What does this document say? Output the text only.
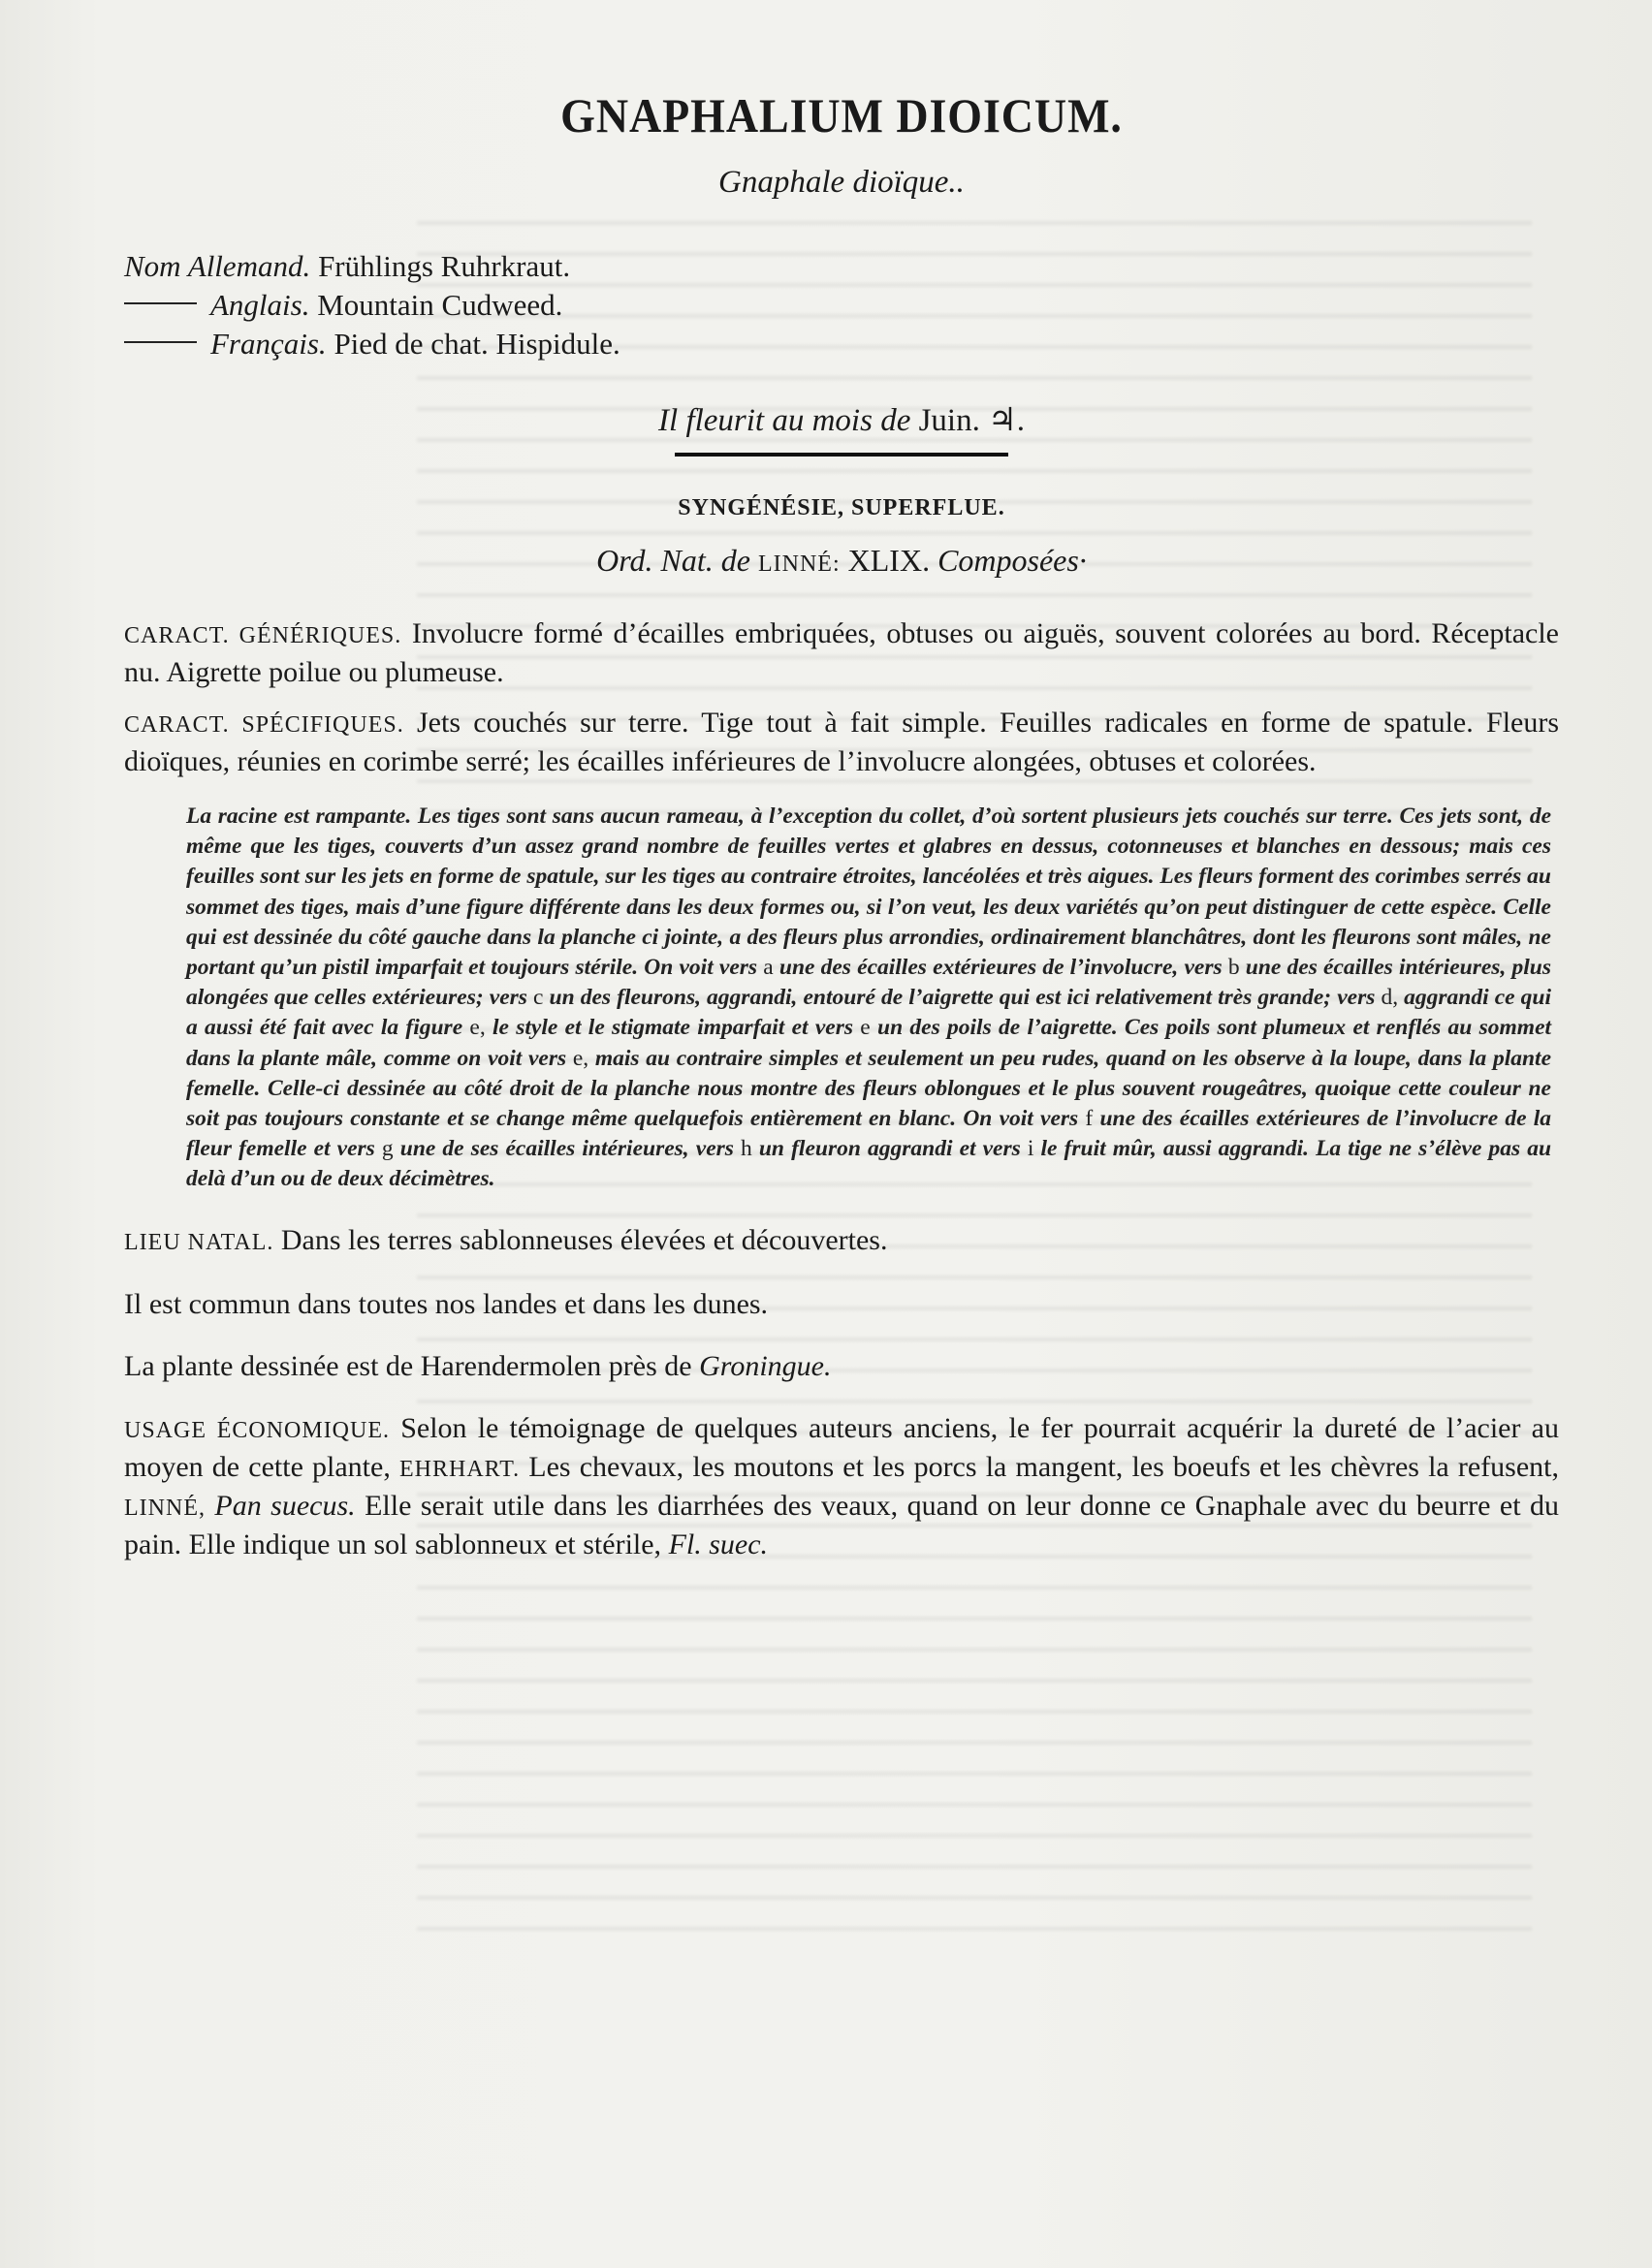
GNAPHALIUM DIOICUM.
Gnaphale dioïque..
Nom Allemand. Frühlings Ruhrkraut.
Anglais. Mountain Cudweed.
Français. Pied de chat. Hispidule.
Il fleurit au mois de Juin. ♃.
SYNGÉNÉSIE, SUPERFLUE.
Ord. Nat. de LINNÉ: XLIX. Composées·

CARACT. GÉNÉRIQUES. Involucre formé d’écailles embriquées, obtuses ou aiguës, souvent colorées au bord. Réceptacle nu. Aigrette poilue ou plumeuse.

CARACT. SPÉCIFIQUES. Jets couchés sur terre. Tige tout à fait simple. Feuilles radicales en forme de spatule. Fleurs dioïques, réunies en corimbe serré; les écailles inférieures de l’involucre alongées, obtuses et colorées.

La racine est rampante. Les tiges sont sans aucun rameau, à l’exception du collet, d’où sortent plusieurs jets couchés sur terre. Ces jets sont, de même que les tiges, couverts d’un assez grand nombre de feuilles vertes et glabres en dessus, cotonneuses et blanches en dessous; mais ces feuilles sont sur les jets en forme de spatule, sur les tiges au contraire étroites, lancéolées et très aigues. Les fleurs forment des corimbes serrés au sommet des tiges, mais d’une figure différente dans les deux formes ou, si l’on veut, les deux variétés qu’on peut distinguer de cette espèce. Celle qui est dessinée du côté gauche dans la planche ci jointe, a des fleurs plus arrondies, ordinairement blanchâtres, dont les fleurons sont mâles, ne portant qu’un pistil imparfait et toujours stérile. On voit vers a une des écailles extérieures de l’involucre, vers b une des écailles intérieures, plus alongées que celles extérieures; vers c un des fleurons, aggrandi, entouré de l’aigrette qui est ici relativement très grande; vers d, aggrandi ce qui a aussi été fait avec la figure e, le style et le stigmate imparfait et vers e un des poils de l’aigrette. Ces poils sont plumeux et renflés au sommet dans la plante mâle, comme on voit vers e, mais au contraire simples et seulement un peu rudes, quand on les observe à la loupe, dans la plante femelle. Celle-ci dessinée au côté droit de la planche nous montre des fleurs oblongues et le plus souvent rougeâtres, quoique cette couleur ne soit pas toujours constante et se change même quelquefois entièrement en blanc. On voit vers f une des écailles extérieures de l’involucre de la fleur femelle et vers g une de ses écailles intérieures, vers h un fleuron aggrandi et vers i le fruit mûr, aussi aggrandi. La tige ne s’élève pas au delà d’un ou de deux décimètres.

LIEU NATAL. Dans les terres sablonneuses élevées et découvertes.

Il est commun dans toutes nos landes et dans les dunes.

La plante dessinée est de Harendermolen près de Groningue.

USAGE ÉCONOMIQUE. Selon le témoignage de quelques auteurs anciens, le fer pourrait acquérir la dureté de l’acier au moyen de cette plante, EHRHART. Les chevaux, les moutons et les porcs la mangent, les boeufs et les chèvres la refusent, LINNÉ, Pan suecus. Elle serait utile dans les diarrhées des veaux, quand on leur donne ce Gnaphale avec du beurre et du pain. Elle indique un sol sablonneux et stérile, Fl. suec.
